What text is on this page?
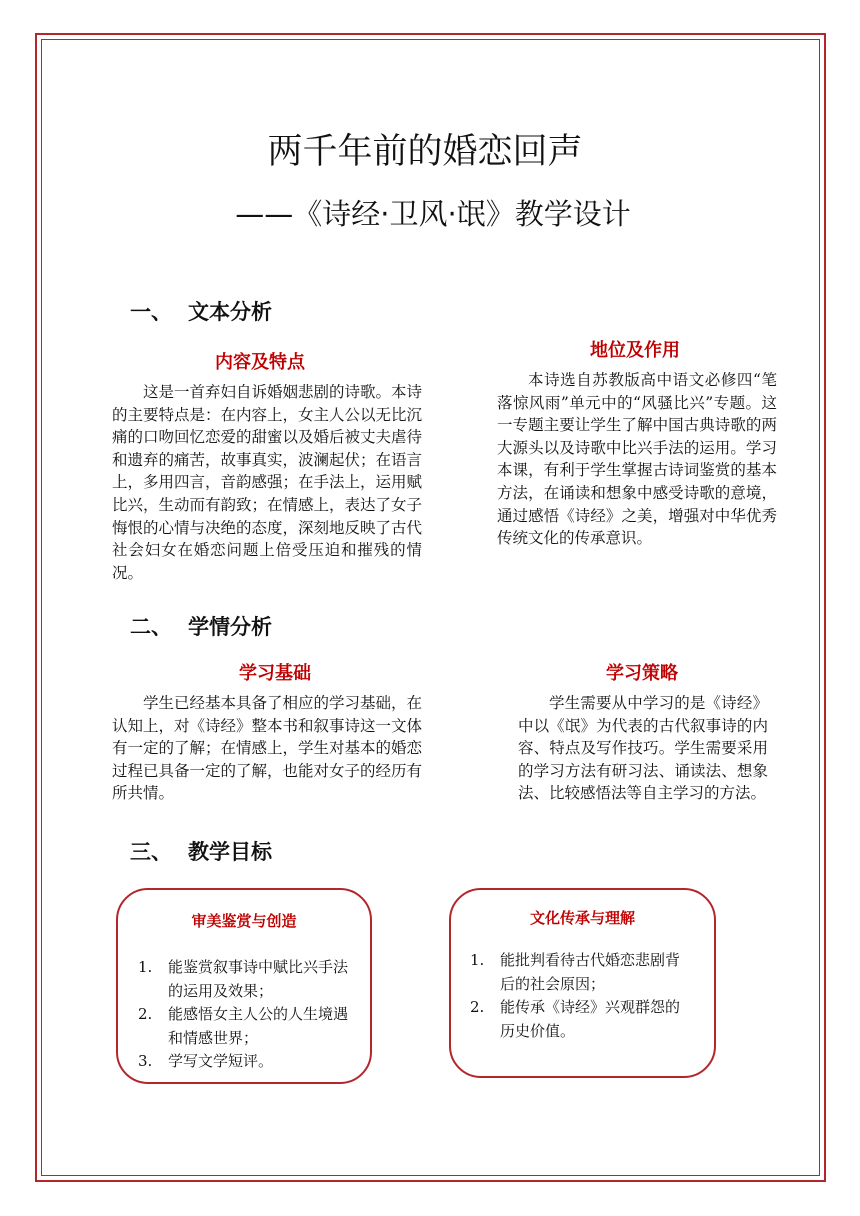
两千年前的婚恋回声
——《诗经·卫风·氓》教学设计
一、 文本分析
内容及特点

这是一首弃妇自诉婚姻悲剧的诗歌。本诗的主要特点是：在内容上，女主人公以无比沉痛的口吻回忆恋爱的甜蜜以及婚后被丈夫虐待和遗弃的痛苦，故事真实，波澜起伏；在语言上，多用四言，音韵感强；在手法上，运用赋比兴，生动而有韵致；在情感上，表达了女子悔恨的心情与决绝的态度，深刻地反映了古代社会妇女在婚恋问题上倍受压迫和摧残的情况。

地位及作用

本诗选自苏教版高中语文必修四“笔落惊风雨”单元中的“风骚比兴”专题。这一专题主要让学生了解中国古典诗歌的两大源头以及诗歌中比兴手法的运用。学习本课，有利于学生掌握古诗词鉴赏的基本方法，在诵读和想象中感受诗歌的意境，通过感悟《诗经》之美，增强对中华优秀传统文化的传承意识。

二、 学情分析
学习基础

学生已经基本具备了相应的学习基础，在认知上，对《诗经》整本书和叙事诗这一文体有一定的了解；在情感上，学生对基本的婚恋过程已具备一定的了解，也能对女子的经历有所共情。

学习策略

学生需要从中学习的是《诗经》中以《氓》为代表的古代叙事诗的内容、特点及写作技巧。学生需要采用的学习方法有研习法、诵读法、想象法、比较感悟法等自主学习的方法。

三、 教学目标
审美鉴赏与创造
1. 能鉴赏叙事诗中赋比兴手法的运用及效果；
2. 能感悟女主人公的人生境遇和情感世界；
3. 学写文学短评。
文化传承与理解
1. 能批判看待古代婚恋悲剧背后的社会原因；
2. 能传承《诗经》兴观群怨的历史价值。
